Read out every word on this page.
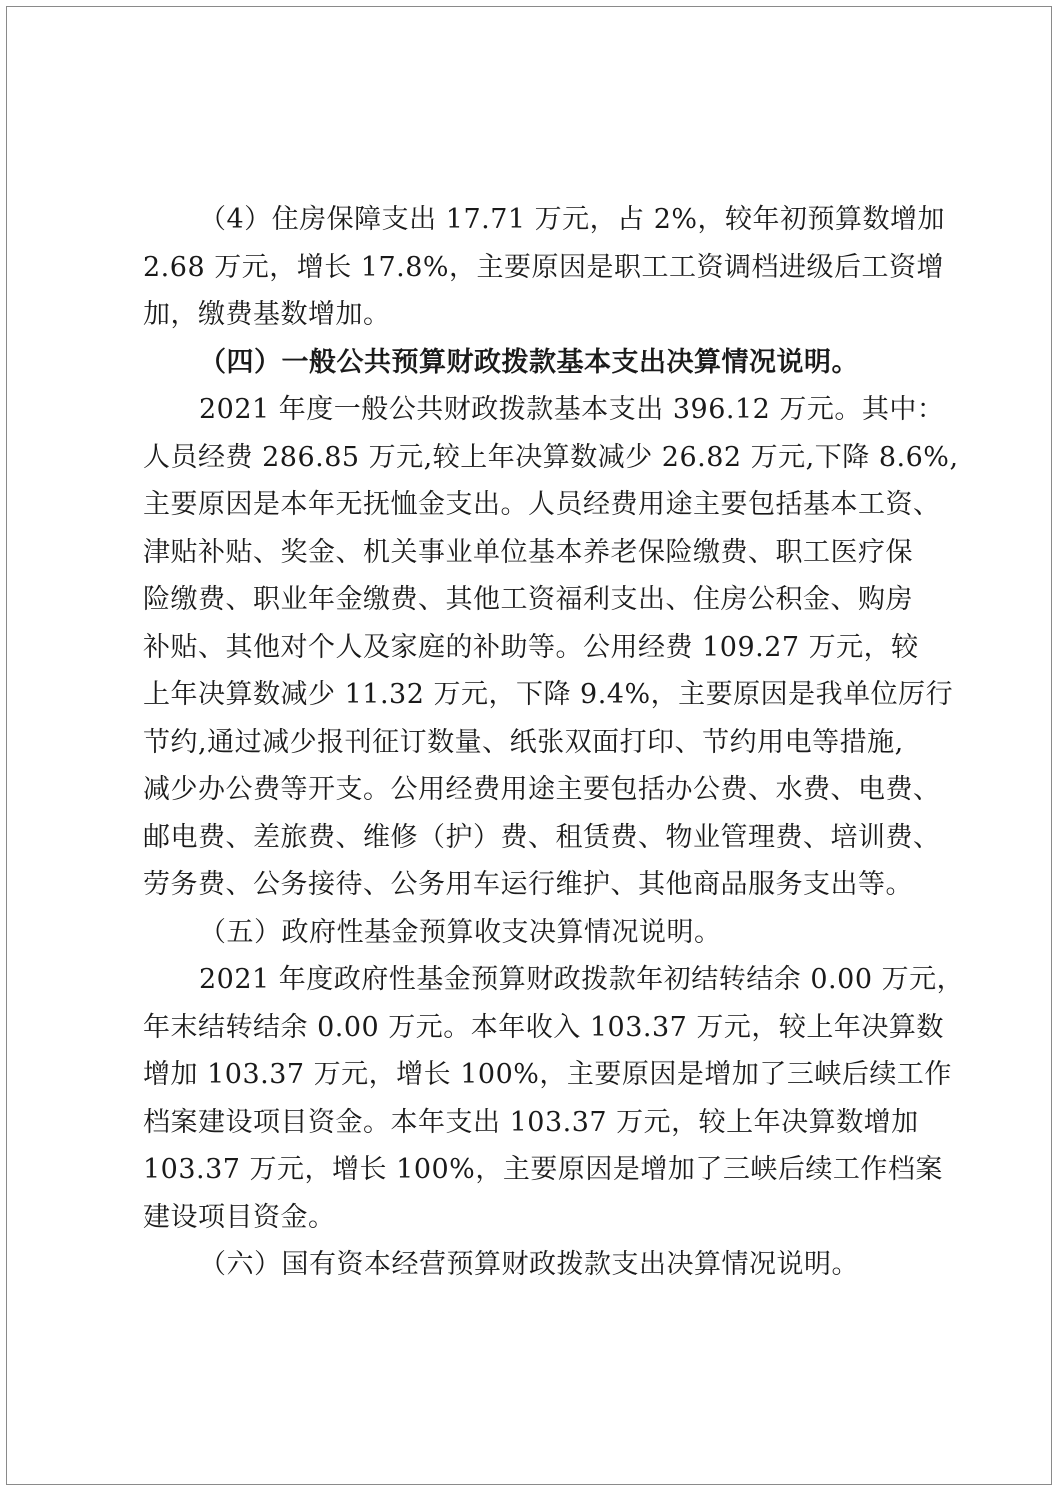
（4）住房保障支出 17.71 万元，占 2%，较年初预算数增加
2.68 万元，增长 17.8%，主要原因是职工工资调档进级后工资增
加，缴费基数增加。

（四）一般公共预算财政拨款基本支出决算情况说明。

2021 年度一般公共财政拨款基本支出 396.12 万元。其中：
人员经费 286.85 万元,较上年决算数减少 26.82 万元,下降 8.6%,
主要原因是本年无抚恤金支出。人员经费用途主要包括基本工资、
津贴补贴、奖金、机关事业单位基本养老保险缴费、职工医疗保
险缴费、职业年金缴费、其他工资福利支出、住房公积金、购房
补贴、其他对个人及家庭的补助等。公用经费 109.27 万元，较
上年决算数减少 11.32 万元，下降 9.4%，主要原因是我单位厉行
节约,通过减少报刊征订数量、纸张双面打印、节约用电等措施,
减少办公费等开支。公用经费用途主要包括办公费、水费、电费、
邮电费、差旅费、维修（护）费、租赁费、物业管理费、培训费、
劳务费、公务接待、公务用车运行维护、其他商品服务支出等。

（五）政府性基金预算收支决算情况说明。

2021 年度政府性基金预算财政拨款年初结转结余 0.00 万元，
年末结转结余 0.00 万元。本年收入 103.37 万元，较上年决算数
增加 103.37 万元，增长 100%，主要原因是增加了三峡后续工作
档案建设项目资金。本年支出 103.37 万元，较上年决算数增加
103.37 万元，增长 100%，主要原因是增加了三峡后续工作档案
建设项目资金。

（六）国有资本经营预算财政拨款支出决算情况说明。
